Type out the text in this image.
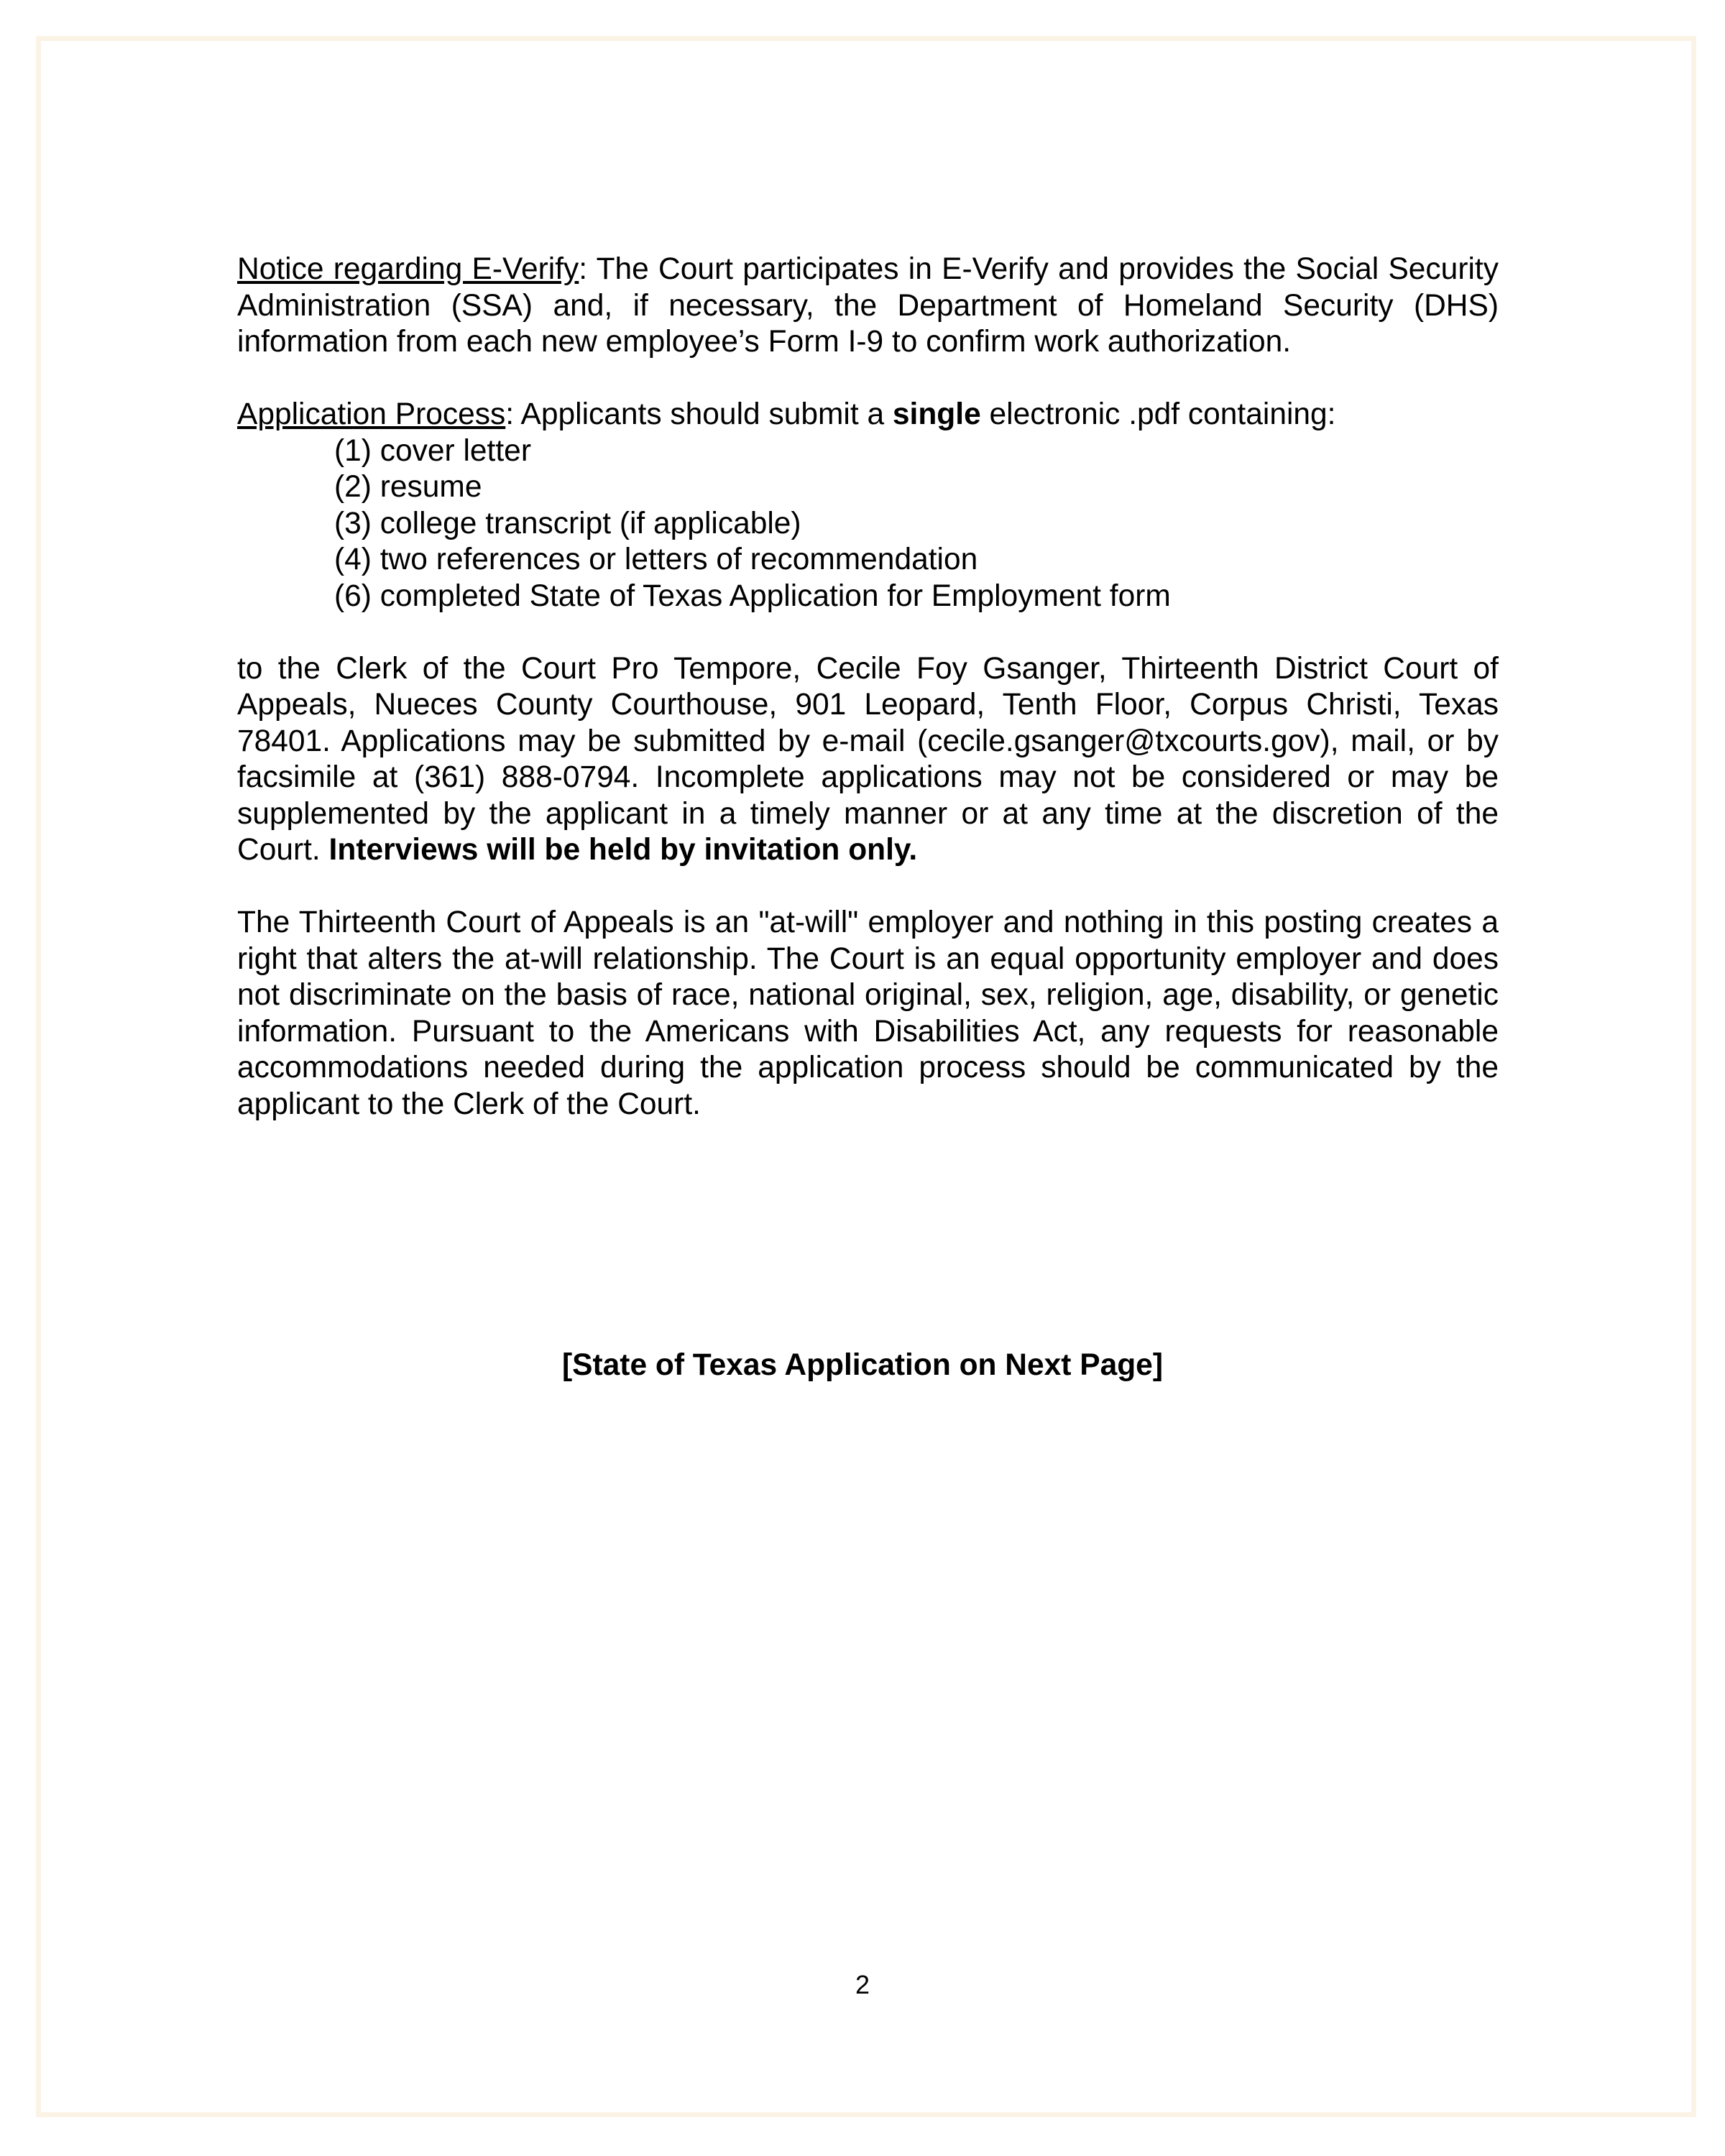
Notice regarding E-Verify: The Court participates in E-Verify and provides the Social Security Administration (SSA) and, if necessary, the Department of Homeland Security (DHS) information from each new employee’s Form I-9 to confirm work authorization.

Application Process: Applicants should submit a single electronic .pdf containing:

(1) cover letter
(2) resume
(3) college transcript (if applicable)
(4) two references or letters of recommendation
(6) completed State of Texas Application for Employment form

to the Clerk of the Court Pro Tempore, Cecile Foy Gsanger, Thirteenth District Court of Appeals, Nueces County Courthouse, 901 Leopard, Tenth Floor, Corpus Christi, Texas 78401. Applications may be submitted by e-mail (cecile.gsanger@txcourts.gov), mail, or by facsimile at (361) 888-0794. Incomplete applications may not be considered or may be supplemented by the applicant in a timely manner or at any time at the discretion of the Court. Interviews will be held by invitation only.

The Thirteenth Court of Appeals is an "at-will" employer and nothing in this posting creates a right that alters the at-will relationship. The Court is an equal opportunity employer and does not discriminate on the basis of race, national original, sex, religion, age, disability, or genetic information. Pursuant to the Americans with Disabilities Act, any requests for reasonable accommodations needed during the application process should be communicated by the applicant to the Clerk of the Court.

[State of Texas Application on Next Page]
2
